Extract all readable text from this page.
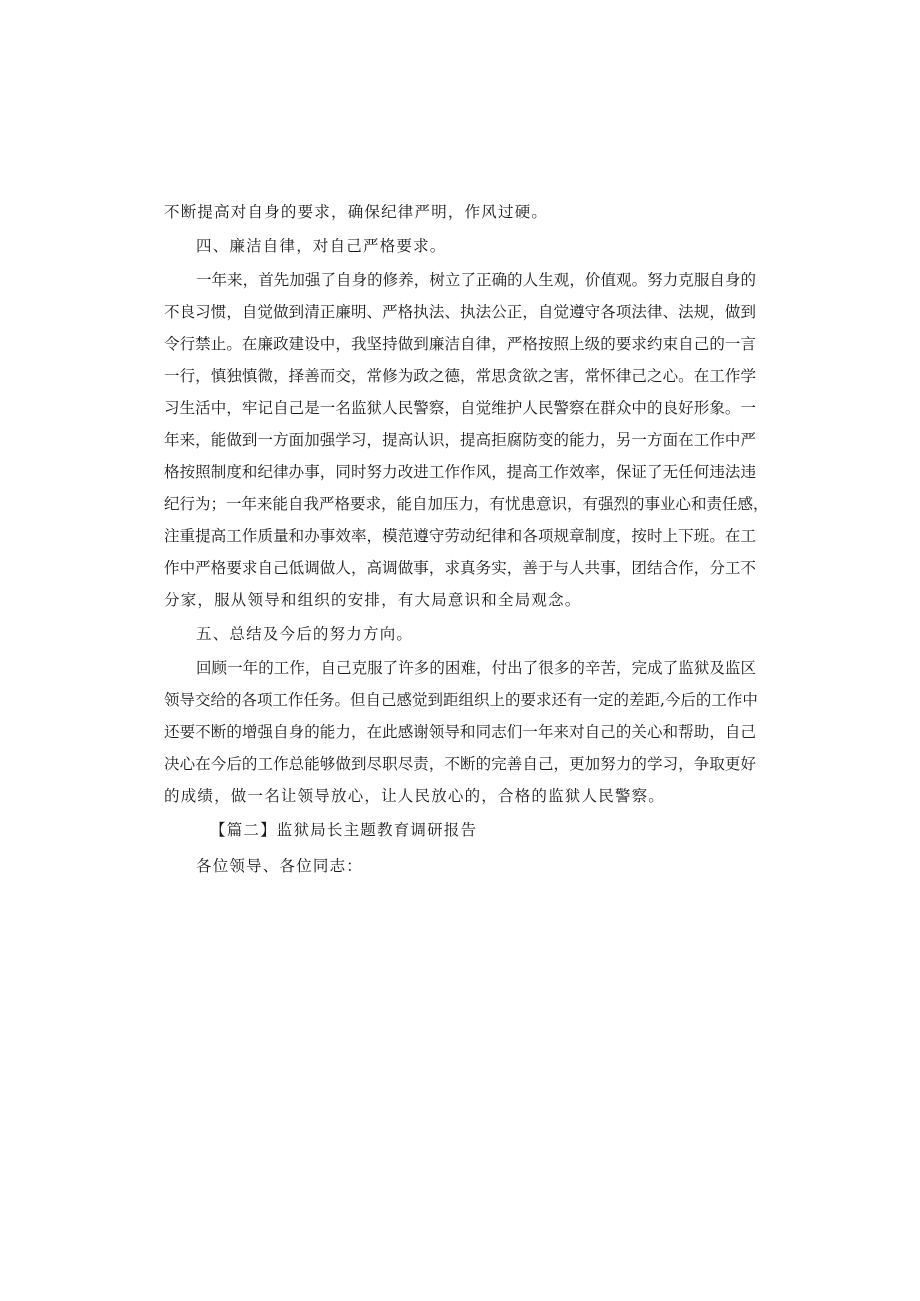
不断提高对自身的要求，确保纪律严明，作风过硬。
四、廉洁自律，对自己严格要求。
一年来，首先加强了自身的修养，树立了正确的人生观，价值观。努力克服自身的
不良习惯，自觉做到清正廉明、严格执法、执法公正，自觉遵守各项法律、法规，做到
令行禁止。在廉政建设中，我坚持做到廉洁自律，严格按照上级的要求约束自己的一言
一行，慎独慎微，择善而交，常修为政之德，常思贪欲之害，常怀律己之心。在工作学
习生活中，牢记自己是一名监狱人民警察，自觉维护人民警察在群众中的良好形象。一
年来，能做到一方面加强学习，提高认识，提高拒腐防变的能力，另一方面在工作中严
格按照制度和纪律办事，同时努力改进工作作风，提高工作效率，保证了无任何违法违
纪行为；一年来能自我严格要求，能自加压力，有忧患意识，有强烈的事业心和责任感，
注重提高工作质量和办事效率，模范遵守劳动纪律和各项规章制度，按时上下班。在工
作中严格要求自己低调做人，高调做事，求真务实，善于与人共事，团结合作，分工不
分家，服从领导和组织的安排，有大局意识和全局观念。
五、总结及今后的努力方向。
回顾一年的工作，自己克服了许多的困难，付出了很多的辛苦，完成了监狱及监区
领导交给的各项工作任务。但自己感觉到距组织上的要求还有一定的差距,今后的工作中
还要不断的增强自身的能力，在此感谢领导和同志们一年来对自己的关心和帮助，自己
决心在今后的工作总能够做到尽职尽责，不断的完善自己，更加努力的学习，争取更好
的成绩，做一名让领导放心，让人民放心的，合格的监狱人民警察。
【篇二】监狱局长主题教育调研报告
各位领导、各位同志：
